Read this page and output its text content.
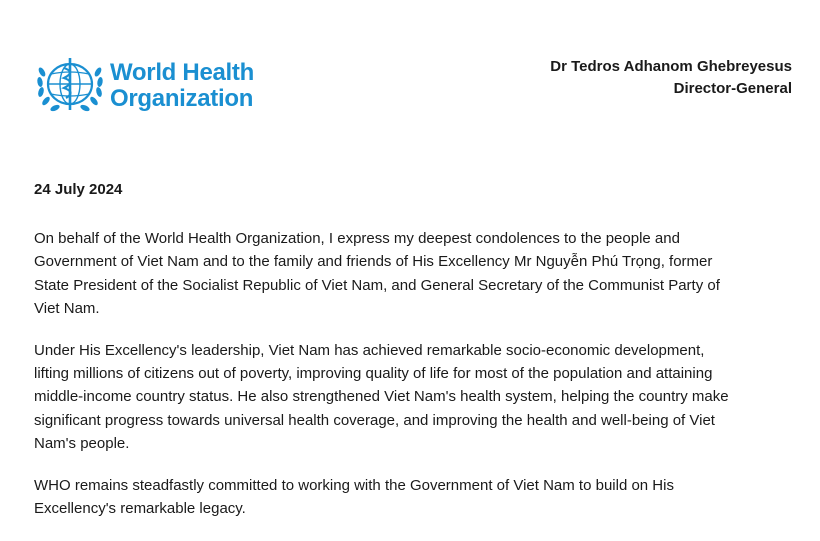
World Health
Organization
Dr Tedros Adhanom Ghebreyesus
Director-General
24 July 2024

On behalf of the World Health Organization, I express my deepest condolences to the people and
Government of Viet Nam and to the family and friends of His Excellency Mr Nguyễn Phú Trọng, former
State President of the Socialist Republic of Viet Nam, and General Secretary of the Communist Party of
Viet Nam.

Under His Excellency's leadership, Viet Nam has achieved remarkable socio-economic development,
lifting millions of citizens out of poverty, improving quality of life for most of the population and attaining
middle-income country status. He also strengthened Viet Nam's health system, helping the country make
significant progress towards universal health coverage, and improving the health and well-being of Viet
Nam's people.

WHO remains steadfastly committed to working with the Government of Viet Nam to build on His
Excellency's remarkable legacy.
